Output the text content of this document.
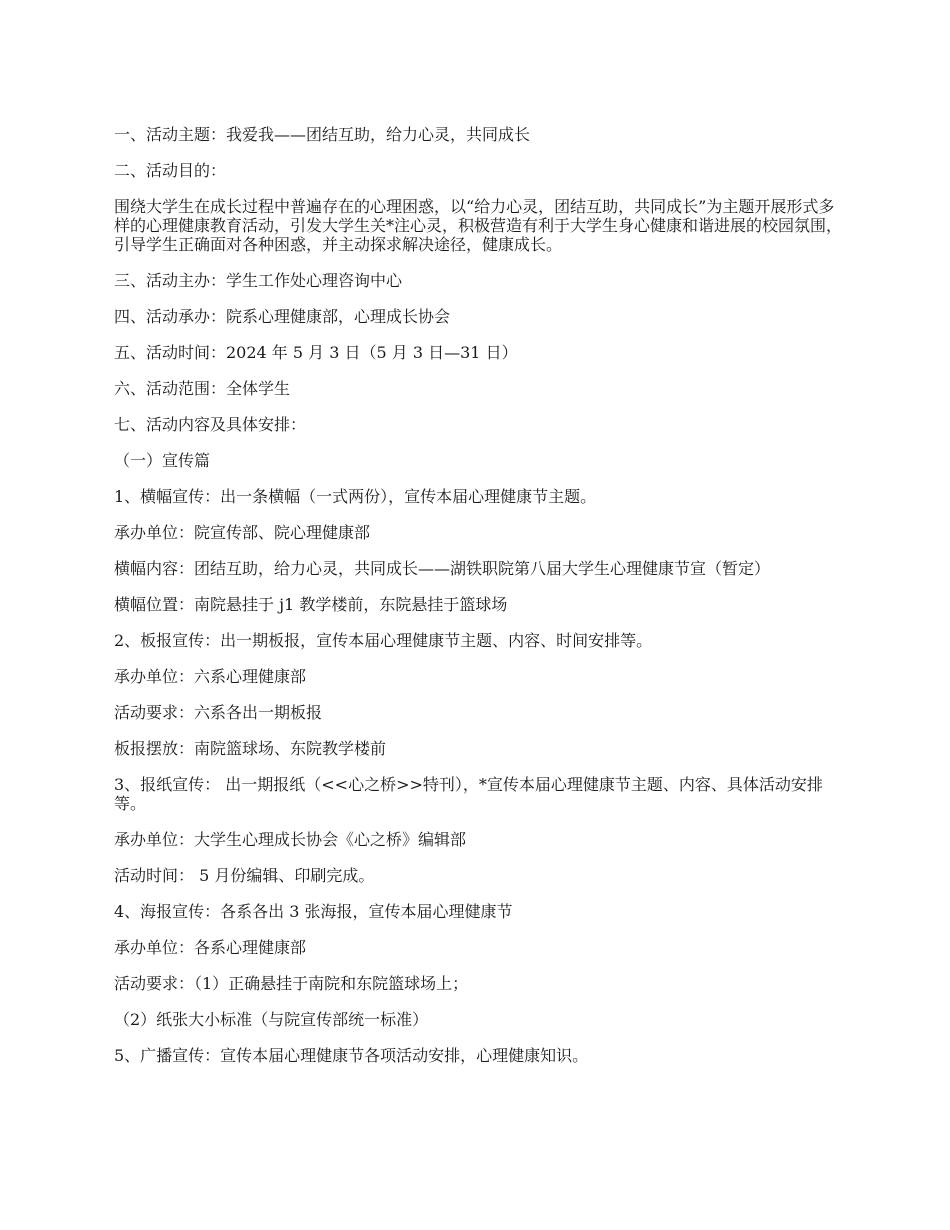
一、活动主题：我爱我——团结互助，给力心灵，共同成长

二、活动目的：

围绕大学生在成长过程中普遍存在的心理困惑，以“给力心灵，团结互助，共同成长”为主题开展形式多样的心理健康教育活动，引发大学生关*注心灵，积极营造有利于大学生身心健康和谐进展的校园氛围，引导学生正确面对各种困惑，并主动探求解决途径，健康成长。

三、活动主办：学生工作处心理咨询中心

四、活动承办：院系心理健康部，心理成长协会

五、活动时间：2024 年 5 月 3 日（5 月 3 日—31 日）

六、活动范围：全体学生

七、活动内容及具体安排：

（一）宣传篇

1、横幅宣传：出一条横幅（一式两份），宣传本届心理健康节主题。

承办单位：院宣传部、院心理健康部

横幅内容：团结互助，给力心灵，共同成长——湖铁职院第八届大学生心理健康节宣（暂定）

横幅位置：南院悬挂于 j1 教学楼前，东院悬挂于篮球场

2、板报宣传：出一期板报，宣传本届心理健康节主题、内容、时间安排等。

承办单位：六系心理健康部

活动要求：六系各出一期板报

板报摆放：南院篮球场、东院教学楼前

3、报纸宣传： 出一期报纸（<<心之桥>>特刊），*宣传本届心理健康节主题、内容、具体活动安排等。

承办单位：大学生心理成长协会《心之桥》编辑部

活动时间： 5 月份编辑、印刷完成。

4、海报宣传：各系各出 3 张海报，宣传本届心理健康节

承办单位：各系心理健康部

活动要求：（1）正确悬挂于南院和东院篮球场上；

（2）纸张大小标准（与院宣传部统一标准）

5、广播宣传：宣传本届心理健康节各项活动安排，心理健康知识。
